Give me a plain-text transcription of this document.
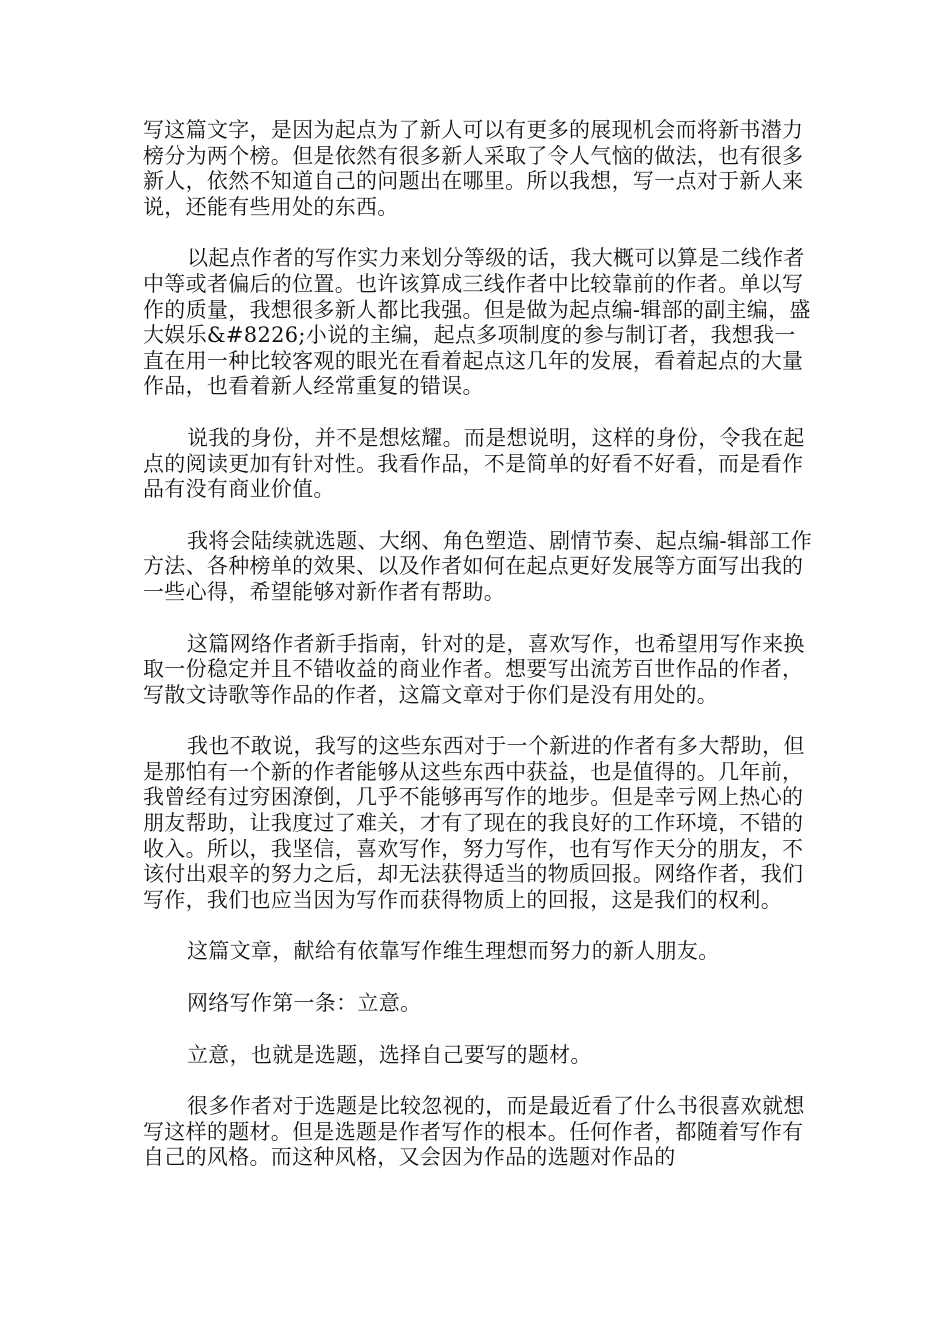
写这篇文字，是因为起点为了新人可以有更多的展现机会而将新书潜力榜分为两个榜。但是依然有很多新人采取了令人气恼的做法，也有很多新人，依然不知道自己的问题出在哪里。所以我想，写一点对于新人来说，还能有些用处的东西。

以起点作者的写作实力来划分等级的话，我大概可以算是二线作者中等或者偏后的位置。也许该算成三线作者中比较靠前的作者。单以写作的质量，我想很多新人都比我强。但是做为起点编-辑部的副主编，盛大娱乐&#8226;小说的主编，起点多项制度的参与制订者，我想我一直在用一种比较客观的眼光在看着起点这几年的发展，看着起点的大量作品，也看着新人经常重复的错误。

说我的身份，并不是想炫耀。而是想说明，这样的身份，令我在起点的阅读更加有针对性。我看作品，不是简单的好看不好看，而是看作品有没有商业价值。

我将会陆续就选题、大纲、角色塑造、剧情节奏、起点编-辑部工作方法、各种榜单的效果、以及作者如何在起点更好发展等方面写出我的一些心得，希望能够对新作者有帮助。

这篇网络作者新手指南，针对的是，喜欢写作，也希望用写作来换取一份稳定并且不错收益的商业作者。想要写出流芳百世作品的作者，写散文诗歌等作品的作者，这篇文章对于你们是没有用处的。

我也不敢说，我写的这些东西对于一个新进的作者有多大帮助，但是那怕有一个新的作者能够从这些东西中获益，也是值得的。几年前，我曾经有过穷困潦倒，几乎不能够再写作的地步。但是幸亏网上热心的朋友帮助，让我度过了难关，才有了现在的我良好的工作环境，不错的收入。所以，我坚信，喜欢写作，努力写作，也有写作天分的朋友，不该付出艰辛的努力之后，却无法获得适当的物质回报。网络作者，我们写作，我们也应当因为写作而获得物质上的回报，这是我们的权利。

这篇文章，献给有依靠写作维生理想而努力的新人朋友。

网络写作第一条：立意。

立意，也就是选题，选择自己要写的题材。

很多作者对于选题是比较忽视的，而是最近看了什么书很喜欢就想写这样的题材。但是选题是作者写作的根本。任何作者，都随着写作有自己的风格。而这种风格，又会因为作品的选题对作品的
